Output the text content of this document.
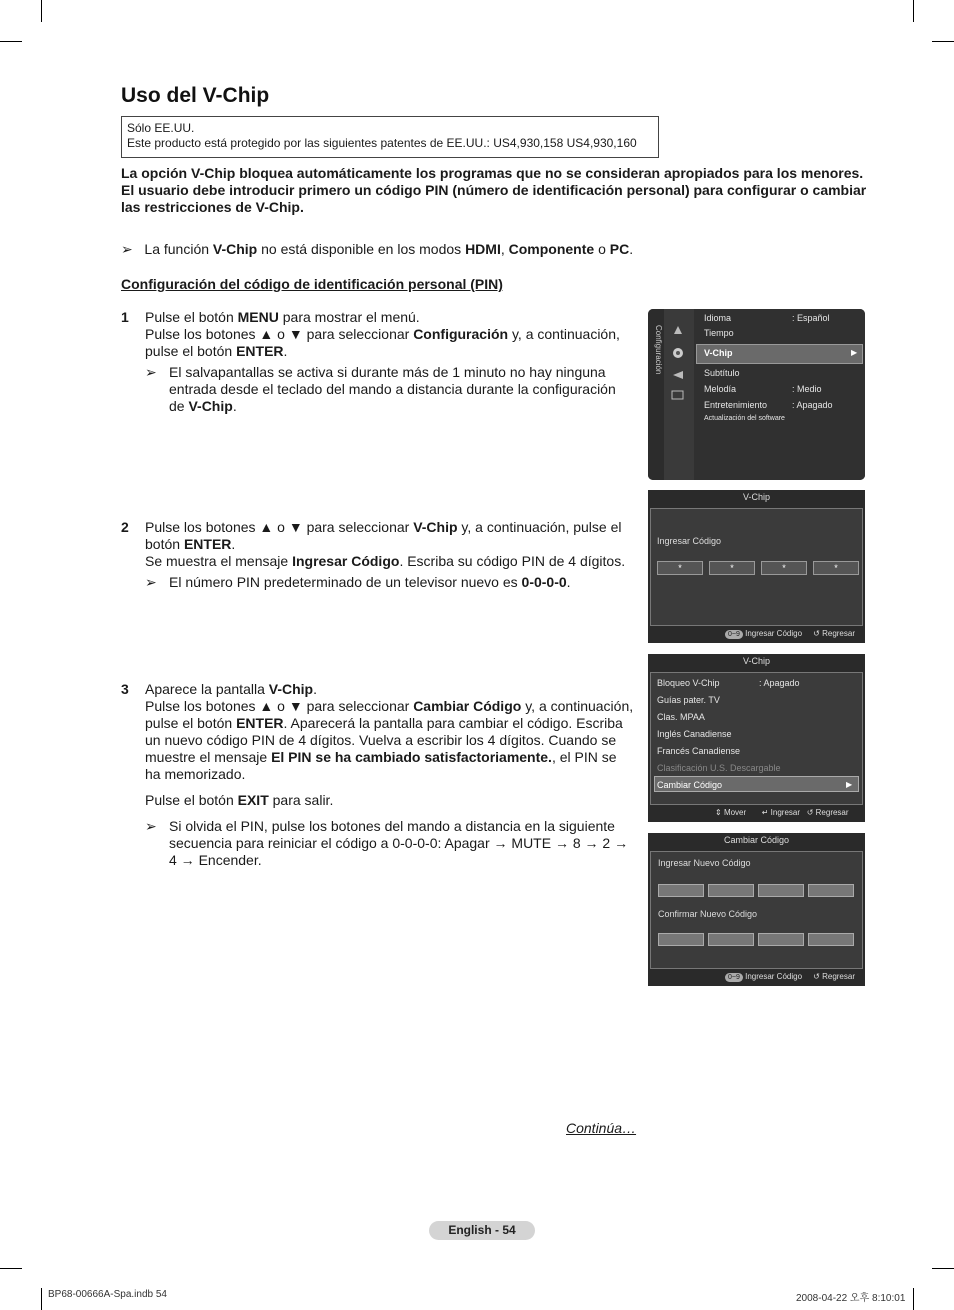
Uso del V-Chip
Sólo EE.UU.
Este producto está protegido por las siguientes patentes de EE.UU.: US4,930,158 US4,930,160
La opción V-Chip bloquea automáticamente los programas que no se consideran apropiados para los menores. El usuario debe introducir primero un código PIN (número de identificación personal) para configurar o cambiar las restricciones de V-Chip.
➢ La función V-Chip no está disponible en los modos HDMI, Componente o PC.
Configuración del código de identificación personal (PIN)
1 Pulse el botón MENU para mostrar el menú.
Pulse los botones ▲ o ▼ para seleccionar Configuración y, a continuación, pulse el botón ENTER.
➢ El salvapantallas se activa si durante más de 1 minuto no hay ninguna entrada desde el teclado del mando a distancia durante la configuración de V-Chip.
2 Pulse los botones ▲ o ▼ para seleccionar V-Chip y, a continuación, pulse el botón ENTER.
Se muestra el mensaje Ingresar Código. Escriba su código PIN de 4 dígitos.
➢ El número PIN predeterminado de un televisor nuevo es 0-0-0-0.
3 Aparece la pantalla V-Chip.
Pulse los botones ▲ o ▼ para seleccionar Cambiar Código y, a continuación, pulse el botón ENTER. Aparecerá la pantalla para cambiar el código. Escriba un nuevo código PIN de 4 dígitos. Vuelva a escribir los 4 dígitos. Cuando se muestre el mensaje El PIN se ha cambiado satisfactoriamente., el PIN se ha memorizado.
Pulse el botón EXIT para salir.
➢ Si olvida el PIN, pulse los botones del mando a distancia en la siguiente secuencia para reiniciar el código a 0-0-0-0: Apagar → MUTE → 8 → 2 → 4 → Encender.
Configuración
Idioma	: Español
Tiempo
V-Chip	▶
Subtítulo
Melodía	: Medio
Entretenimiento	: Apagado
Actualización del software
V-Chip
Ingresar Código
*	*	*	*
0~9 Ingresar Código ↺ Regresar
V-Chip
Bloqueo V-Chip	: Apagado
Guías pater. TV
Clas. MPAA
Inglés Canadiense
Francés Canadiense
Clasificación U.S. Descargable
Cambiar Código	▶
⇕ Mover ↵ Ingresar ↺ Regresar
Cambiar Código
Ingresar Nuevo Código
Confirmar Nuevo Código
0~9 Ingresar Código ↺ Regresar
Continúa…
English - 54
BP68-00666A-Spa.indb 54	2008-04-22 오후 8:10:01
